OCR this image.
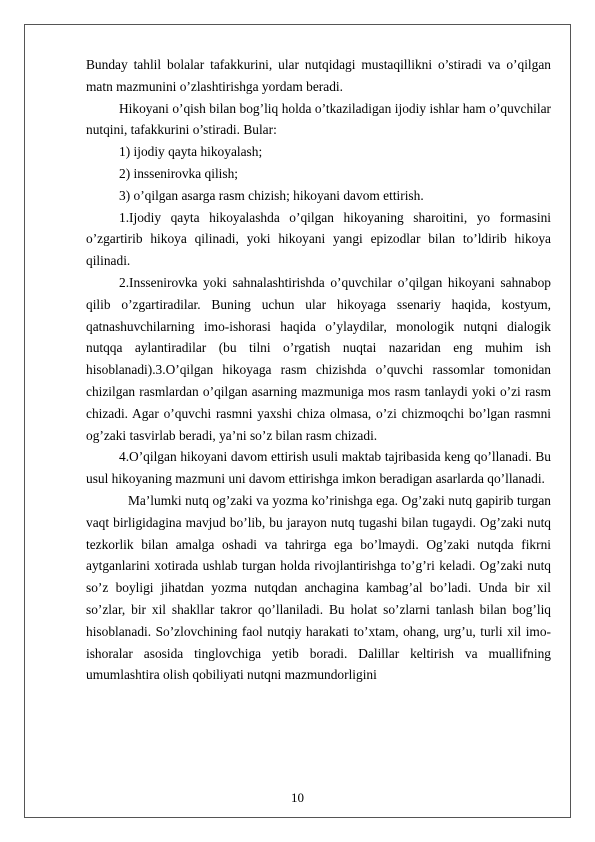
Bunday tahlil bolalar tafakkurini, ular nutqidagi mustaqillikni o’stiradi va o’qilgan matn mazmunini o’zlashtirishga yordam beradi.

Hikoyani o’qish bilan bog’liq holda o’tkaziladigan ijodiy ishlar ham o’quvchilar nutqini, tafakkurini o’stiradi. Bular:

1) ijodiy qayta hikoyalash;

2) inssenirovka qilish;

3) o’qilgan asarga rasm chizish; hikoyani davom ettirish.

1.Ijodiy qayta hikoyalashda o’qilgan hikoyaning sharoitini, yo formasini o’zgartirib hikoya qilinadi, yoki hikoyani yangi epizodlar bilan to’ldirib hikoya qilinadi.

2.Inssenirovka yoki sahnalashtirishda o’quvchilar o’qilgan hikoyani sahnabop qilib o’zgartiradilar. Buning uchun ular hikoyaga ssenariy haqida, kostyum, qatnashuvchilarning imo-ishorasi haqida o’ylaydilar, monologik nutqni dialogik nutqqa aylantiradilar (bu tilni o’rgatish nuqtai nazaridan eng muhim ish hisoblanadi).3.O’qilgan hikoyaga rasm chizishda o’quvchi rassomlar tomonidan chizilgan rasmlardan o’qilgan asarning mazmuniga mos rasm tanlaydi yoki o’zi rasm chizadi. Agar o’quvchi rasmni yaxshi chiza olmasa, o’zi chizmoqchi bo’lgan rasmni og’zaki tasvirlab beradi, ya’ni so’z bilan rasm chizadi.

4.O’qilgan hikoyani davom ettirish usuli maktab tajribasida keng qo’llanadi. Bu usul hikoyaning mazmuni uni davom ettirishga imkon beradigan asarlarda qo’llanadi.

Ma’lumki nutq og’zaki va yozma ko’rinishga ega. Og’zaki nutq gapirib turgan vaqt birligidagina mavjud bo’lib, bu jarayon nutq tugashi bilan tugaydi. Og’zaki nutq tezkorlik bilan amalga oshadi va tahrirga ega bo’lmaydi. Og’zaki nutqda fikrni aytganlarini xotirada ushlab turgan holda rivojlantirishga to’g’ri keladi. Og’zaki nutq so’z boyligi jihatdan yozma nutqdan anchagina kambag’al bo’ladi. Unda bir xil so’zlar, bir xil shakllar takror qo’llaniladi. Bu holat so’zlarni tanlash bilan bog’liq hisoblanadi. So’zlovchining faol nutqiy harakati to’xtam, ohang, urg’u, turli xil imo-ishoralar asosida tinglovchiga yetib boradi. Dalillar keltirish va muallifning umumlashtira olish qobiliyati nutqni mazmundorligini

10
